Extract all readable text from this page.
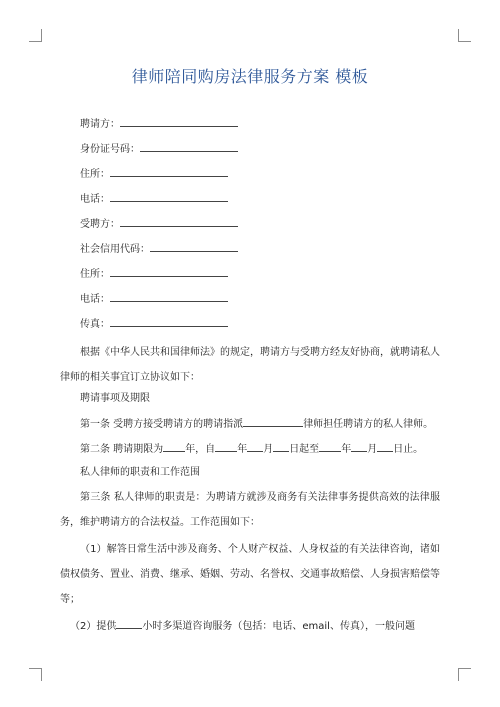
律师陪同购房法律服务方案 模板
聘请方：
身份证号码：
住所：
电话：
受聘方：
社会信用代码：
住所：
电话：
传真：
根据《中华人民共和国律师法》的规定，聘请方与受聘方经友好协商，就聘请私人律师的相关事宜订立协议如下：
聘请事项及期限
第一条 受聘方接受聘请方的聘请指派	律师担任聘请方的私人律师。
第二条 聘请期限为 年，自 年 月 日起至 年 月 日止。
私人律师的职责和工作范围
第三条 私人律师的职责是：为聘请方就涉及商务有关法律事务提供高效的法律服务，维护聘请方的合法权益。工作范围如下：
（1）解答日常生活中涉及商务、个人财产权益、人身权益的有关法律咨询，诸如债权债务、置业、消费、继承、婚姻、劳动、名誉权、交通事故赔偿、人身损害赔偿等等；
（2）提供	小时多渠道咨询服务（包括：电话、email、传真），一般问题
